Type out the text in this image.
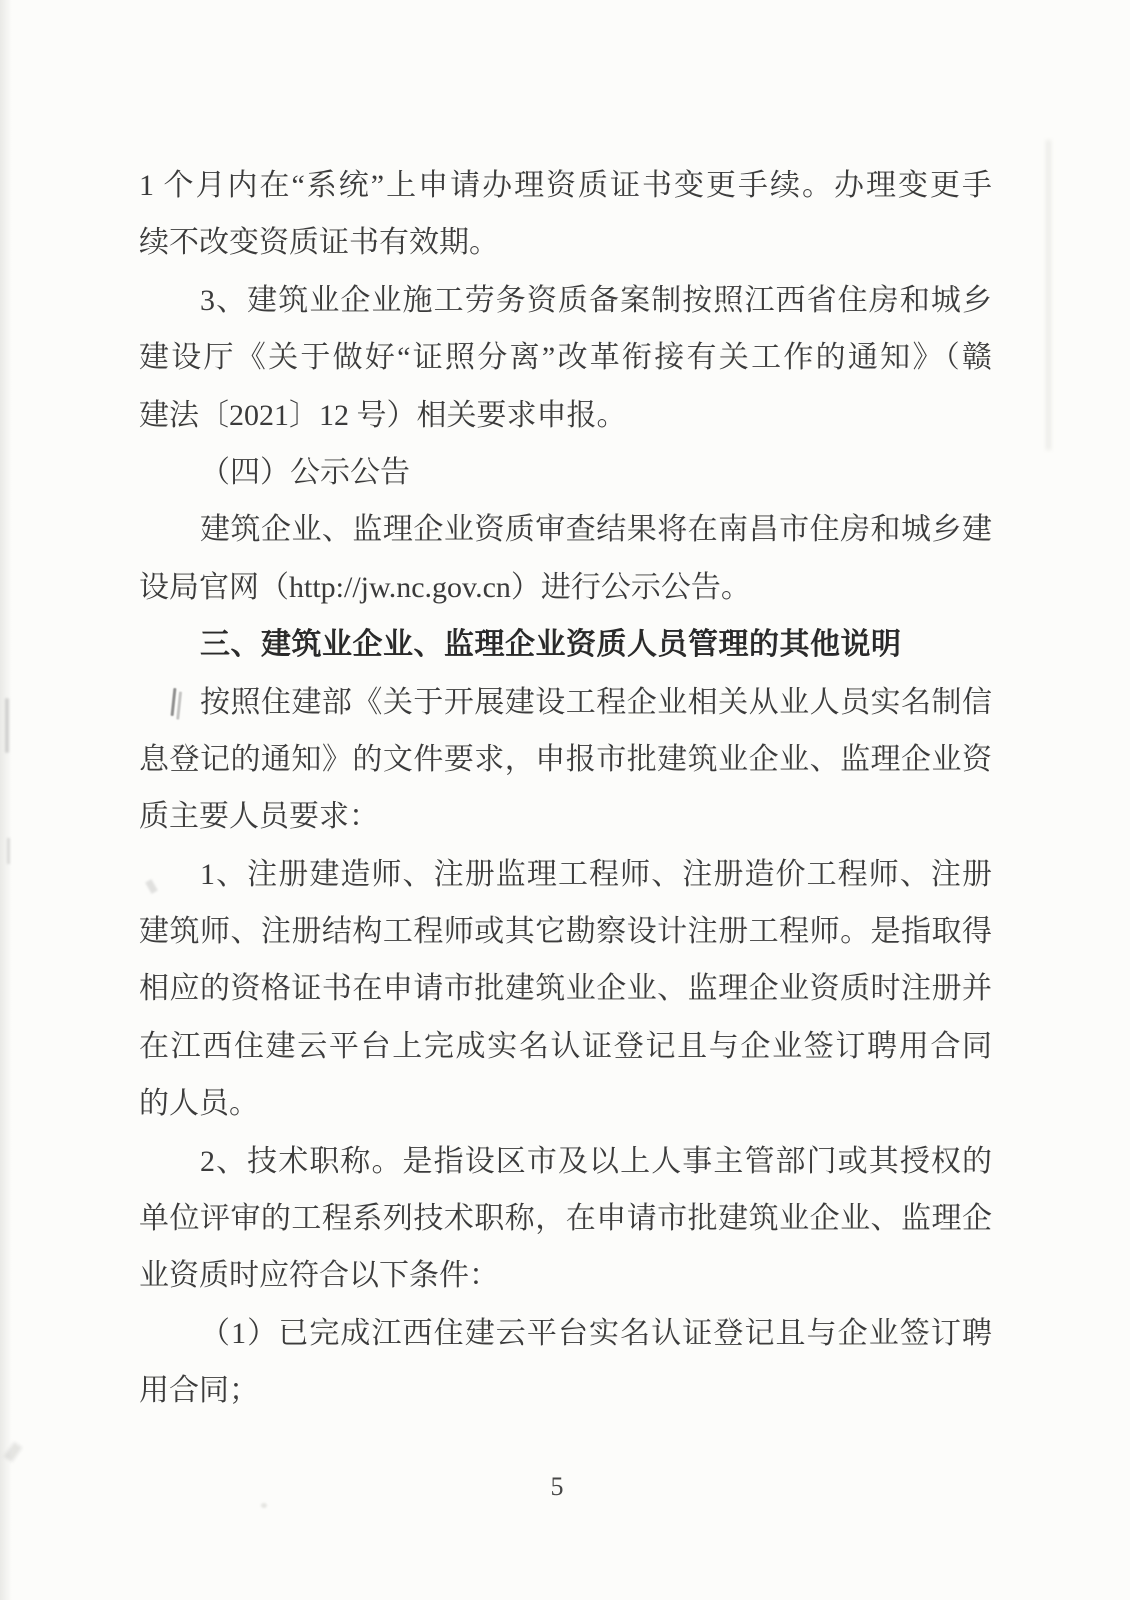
1 个月内在“系统”上申请办理资质证书变更手续。办理变更手
续不改变资质证书有效期。
3、建筑业企业施工劳务资质备案制按照江西省住房和城乡
建设厅《关于做好“证照分离”改革衔接有关工作的通知》（赣
建法〔2021〕12 号）相关要求申报。
（四）公示公告
建筑企业、监理企业资质审查结果将在南昌市住房和城乡建
设局官网（http://jw.nc.gov.cn）进行公示公告。
三、建筑业企业、监理企业资质人员管理的其他说明
按照住建部《关于开展建设工程企业相关从业人员实名制信
息登记的通知》的文件要求，申报市批建筑业企业、监理企业资
质主要人员要求：
1、注册建造师、注册监理工程师、注册造价工程师、注册
建筑师、注册结构工程师或其它勘察设计注册工程师。是指取得
相应的资格证书在申请市批建筑业企业、监理企业资质时注册并
在江西住建云平台上完成实名认证登记且与企业签订聘用合同
的人员。
2、技术职称。是指设区市及以上人事主管部门或其授权的
单位评审的工程系列技术职称，在申请市批建筑业企业、监理企
业资质时应符合以下条件：
（1）已完成江西住建云平台实名认证登记且与企业签订聘
用合同；
5
